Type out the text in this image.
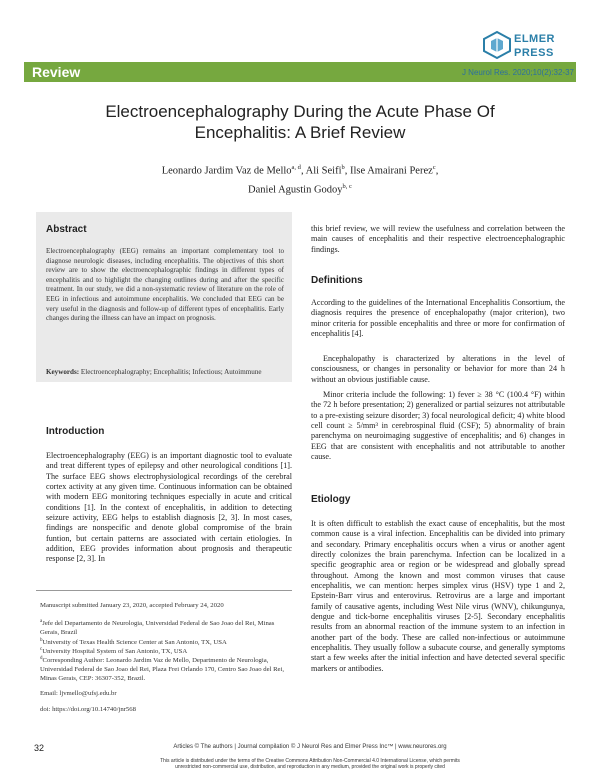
ELMER
PRESS
Review	J Neurol Res. 2020;10(2):32-37
Electroencephalography During the Acute Phase Of
Encephalitis: A Brief Review
Leonardo Jardim Vaz de Mello$^{a, d}$, Ali Seifi$^b$, Ilse Amairani Perez$^c$,
Daniel Agustin Godoy$^{b, c}$
Abstract
Electroencephalography (EEG) remains an important complementary tool to diagnose neurologic diseases, including encephalitis. The objectives of this short review are to show the electroencephalographic findings in different types of encephalitis and to highlight the changing outlines during and after the specific treatment. In our study, we did a non-systematic review of literature on the role of EEG in infectious and autoimmune encephalitis. We concluded that EEG can be very useful in the diagnosis and follow-up of different types of encephalitis. Early changes during the illness can have an impact on prognosis.
Keywords: Electroencephalography; Encephalitis; Infectious; Autoimmune
Introduction
Electroencephalography (EEG) is an important diagnostic tool to evaluate and treat different types of epilepsy and other neurological conditions [1]. The surface EEG shows electrophysiological recordings of the cerebral cortex activity at any given time. Continuous information can be obtained with modern EEG monitoring techniques especially in acute and critical conditions [1]. In the context of encephalitis, in addition to detecting seizure activity, EEG helps to establish diagnosis [2, 3]. In most cases, findings are nonspecific and denote global compromise of the brain funtion, but certain patterns are associated with certain etiologies. In addition, EEG provides information about prognosis and therapeutic response [2, 3]. In
Manuscript submitted January 23, 2020, accepted February 24, 2020
$^a$Jefe del Departamento de Neurologia, Universidad Federal de Sao Joao del Rei, Minas Gerais, Brazil
$^b$University of Texas Health Science Center at San Antonio, TX, USA
$^c$University Hospital System of San Antonio, TX, USA
$^d$Corresponding Author: Leonardo Jardim Vaz de Mello, Departmento de Neurologia, Universidad Federal de Sao Joao del Rei, Plaza Frei Orlando 170, Centro Sao Joao del Rei, Minas Gerais, CEP: 36307-352, Brazil.
Email: ljvmello@ufsj.edu.br
doi: https://doi.org/10.14740/jnr568
this brief review, we will review the usefulness and correlation between the main causes of encephalitis and their respective electroencephalographic findings.
Definitions
According to the guidelines of the International Encephalitis Consortium, the diagnosis requires the presence of encephalopathy (major criterion), two minor criteria for possible encephalitis and three or more for confirmation of encephalitis [4].
Encephalopathy is characterized by alterations in the level of consciousness, or changes in personality or behavior for more than 24 h without an obvious justifiable cause.
Minor criteria include the following: 1) fever ≥ 38 °C (100.4 °F) within the 72 h before presentation; 2) generalized or partial seizures not attributable to a pre-existing seizure disorder; 3) focal neurological deficit; 4) white blood cell count ≥ 5/mm³ in cerebrospinal fluid (CSF); 5) abnormality of brain parenchyma on neuroimaging suggestive of encephalitis; and 6) changes in EEG that are consistent with encephalitis and not attributable to another cause.
Etiology
It is often difficult to establish the exact cause of encephalitis, but the most common cause is a viral infection. Encephalitis can be divided into primary and secondary. Primary encephalitis occurs when a virus or another agent directly colonizes the brain parenchyma. Infection can be localized in a specific geographic area or region or be widespread and globally spread throughout. Among the known and most common viruses that cause encephalitis, we can mention: herpes simplex virus (HSV) type 1 and 2, Epstein-Barr virus and enterovirus. Retrovirus are a large and important family of causative agents, including West Nile virus (WNV), chikungunya, dengue and tick-borne encephalitis viruses [2-5]. Secondary encephalitis results from an abnormal reaction of the immune system to an infection in another part of the body. These are called non-infectious or autoimmune encephalitis. They usually follow a subacute course, and generally symptoms start a few weeks after the initial infection and have detected several specific markers or antibodies.
32	Articles © The authors | Journal compilation © J Neurol Res and Elmer Press Inc™ | www.neurores.org
This article is distributed under the terms of the Creative Commons Attribution Non-Commercial 4.0 International License, which permits
unrestricted non-commercial use, distribution, and reproduction in any medium, provided the original work is properly cited
